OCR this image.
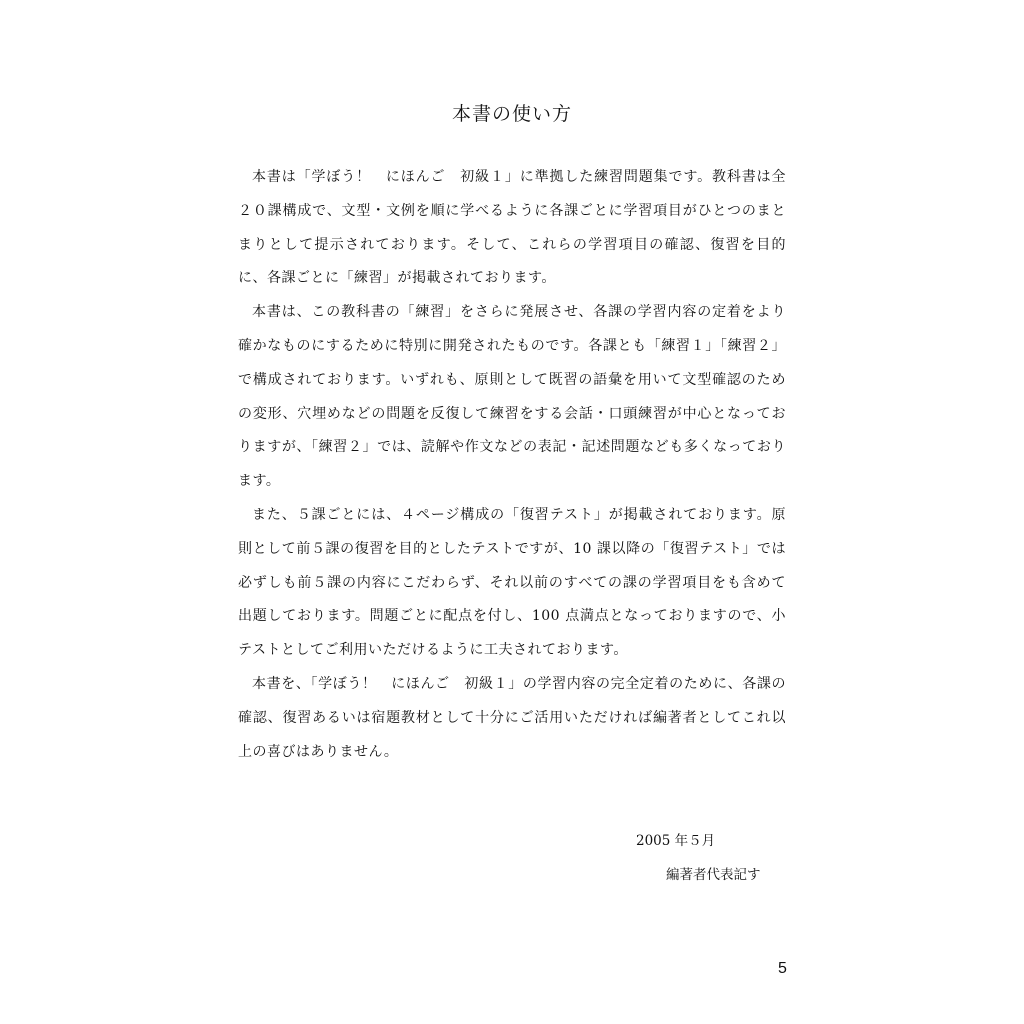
本書の使い方

本書は「学ぼう！　にほんご　初級１」に準拠した練習問題集です。教科書は全２０課構成で、文型・文例を順に学べるように各課ごとに学習項目がひとつのまとまりとして提示されております。そして、これらの学習項目の確認、復習を目的に、各課ごとに「練習」が掲載されております。

本書は、この教科書の「練習」をさらに発展させ、各課の学習内容の定着をより確かなものにするために特別に開発されたものです。各課とも「練習１」「練習２」で構成されております。いずれも、原則として既習の語彙を用いて文型確認のための変形、穴埋めなどの問題を反復して練習をする会話・口頭練習が中心となっておりますが、「練習２」では、読解や作文などの表記・記述問題なども多くなっております。

また、５課ごとには、４ページ構成の「復習テスト」が掲載されております。原則として前５課の復習を目的としたテストですが、10 課以降の「復習テスト」では必ずしも前５課の内容にこだわらず、それ以前のすべての課の学習項目をも含めて出題しております。問題ごとに配点を付し、100 点満点となっておりますので、小テストとしてご利用いただけるように工夫されております。

本書を、「学ぼう！　にほんご　初級１」の学習内容の完全定着のために、各課の確認、復習あるいは宿題教材として十分にご活用いただければ編著者としてこれ以上の喜びはありません。

2005 年５月
編著者代表記す
5
